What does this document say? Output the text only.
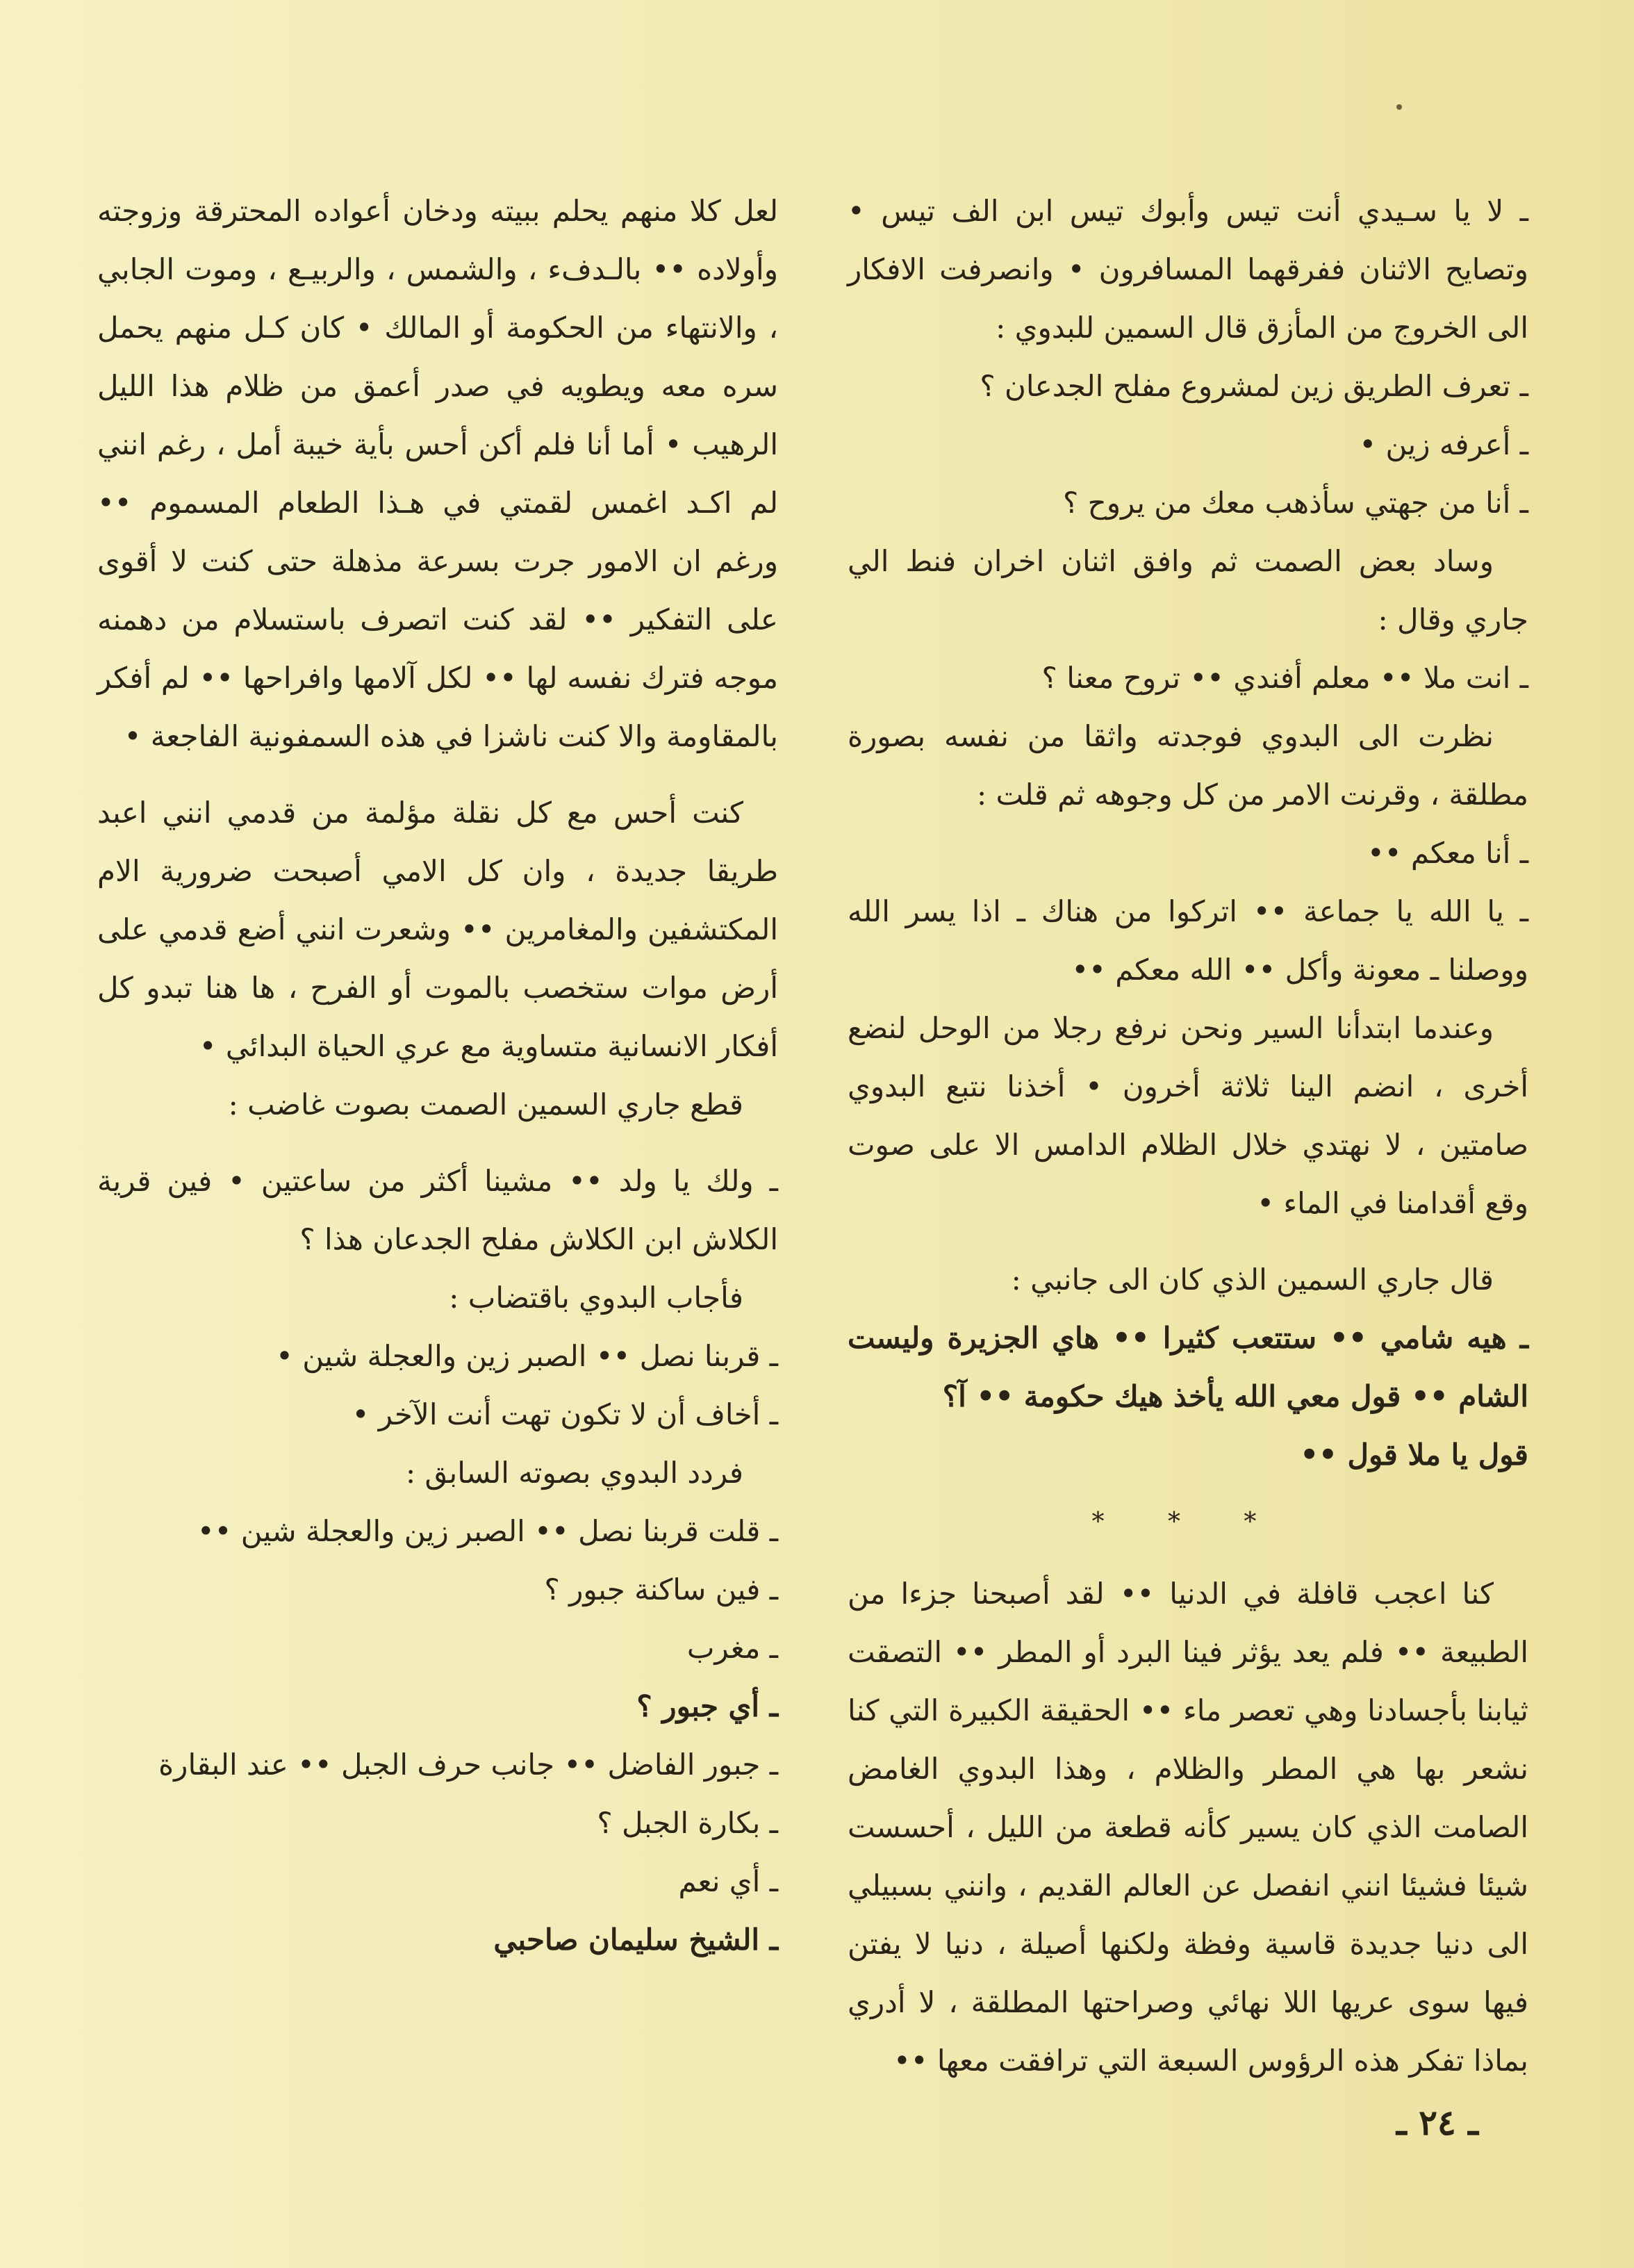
ـ لا يا سـيدي أنت تيس وأبوك تيس ابن الف تيس • وتصايح الاثنان ففرقهما المسافرون • وانصرفت الافكار الى الخروج من المأزق قال السمين للبدوي :

ـ تعرف الطريق زين لمشروع مفلح الجدعان ؟

ـ أعرفه زين •

ـ أنا من جهتي سأذهب معك من يروح ؟

وساد بعض الصمت ثم وافق اثنان اخران فنط الي جاري وقال :

ـ انت ملا •• معلم أفندي •• تروح معنا ؟

نظرت الى البدوي فوجدته واثقا من نفسه بصورة مطلقة ، وقرنت الامر من كل وجوهه ثم قلت :

ـ أنا معكم ••

ـ يا الله يا جماعة •• اتركوا من هناك ـ اذا يسر الله ووصلنا ـ معونة وأكل •• الله معكم ••

وعندما ابتدأنا السير ونحن نرفع رجلا من الوحل لنضع أخرى ، انضم الينا ثلاثة أخرون • أخذنا نتبع البدوي صامتين ، لا نهتدي خلال الظلام الدامس الا على صوت وقع أقدامنا في الماء •

قال جاري السمين الذي كان الى جانبي :

ـ هيه شامي •• ستتعب كثيرا •• هاي الجزيرة وليست الشام •• قول معي الله يأخذ هيك حكومة •• آ؟

قول يا ملا قول ••

* * *

كنا اعجب قافلة في الدنيا •• لقد أصبحنا جزءا من الطبيعة •• فلم يعد يؤثر فينا البرد أو المطر •• التصقت ثيابنا بأجسادنا وهي تعصر ماء •• الحقيقة الكبيرة التي كنا نشعر بها هي المطر والظلام ، وهذا البدوي الغامض الصامت الذي كان يسير كأنه قطعة من الليل ، أحسست شيئا فشيئا انني انفصل عن العالم القديم ، وانني بسبيلي الى دنيا جديدة قاسية وفظة ولكنها أصيلة ، دنيا لا يفتن فيها سوى عريها اللا نهائي وصراحتها المطلقة ، لا أدري بماذا تفكر هذه الرؤوس السبعة التي ترافقت معها ••

لعل كلا منهم يحلم ببيته ودخان أعواده المحترقة وزوجته وأولاده •• بالـدفء ، والشمس ، والربيـع ، وموت الجابي ، والانتهاء من الحكومة أو المالك • كان كـل منهم يحمل سره معه ويطويه في صدر أعمق من ظلام هذا الليل الرهيب • أما أنا فلم أكن أحس بأية خيبة أمل ، رغم انني لم اكـد اغمس لقمتي في هـذا الطعام المسموم •• ورغم ان الامور جرت بسرعة مذهلة حتى كنت لا أقوى على التفكير •• لقد كنت اتصرف باستسلام من دهمنه موجه فترك نفسه لها •• لكل آلامها وافراحها •• لم أفكر بالمقاومة والا كنت ناشزا في هذه السمفونية الفاجعة •

كنت أحس مع كل نقلة مؤلمة من قدمي انني اعبد طريقا جديدة ، وان كل الامي أصبحت ضرورية الام المكتشفين والمغامرين •• وشعرت انني أضع قدمي على أرض موات ستخصب بالموت أو الفرح ، ها هنا تبدو كل أفكار الانسانية متساوية مع عري الحياة البدائي •

قطع جاري السمين الصمت بصوت غاضب :

ـ ولك يا ولد •• مشينا أكثر من ساعتين • فين قرية الكلاش ابن الكلاش مفلح الجدعان هذا ؟

فأجاب البدوي باقتضاب :

ـ قربنا نصل •• الصبر زين والعجلة شين •

ـ أخاف أن لا تكون تهت أنت الآخر •

فردد البدوي بصوته السابق :

ـ قلت قربنا نصل •• الصبر زين والعجلة شين ••

ـ فين ساكنة جبور ؟

ـ مغرب

ـ أي جبور ؟

ـ جبور الفاضل •• جانب حرف الجبل •• عند البقارة

ـ بكارة الجبل ؟

ـ أي نعم

ـ الشيخ سليمان صاحبي

ـ ٢٤ ـ
